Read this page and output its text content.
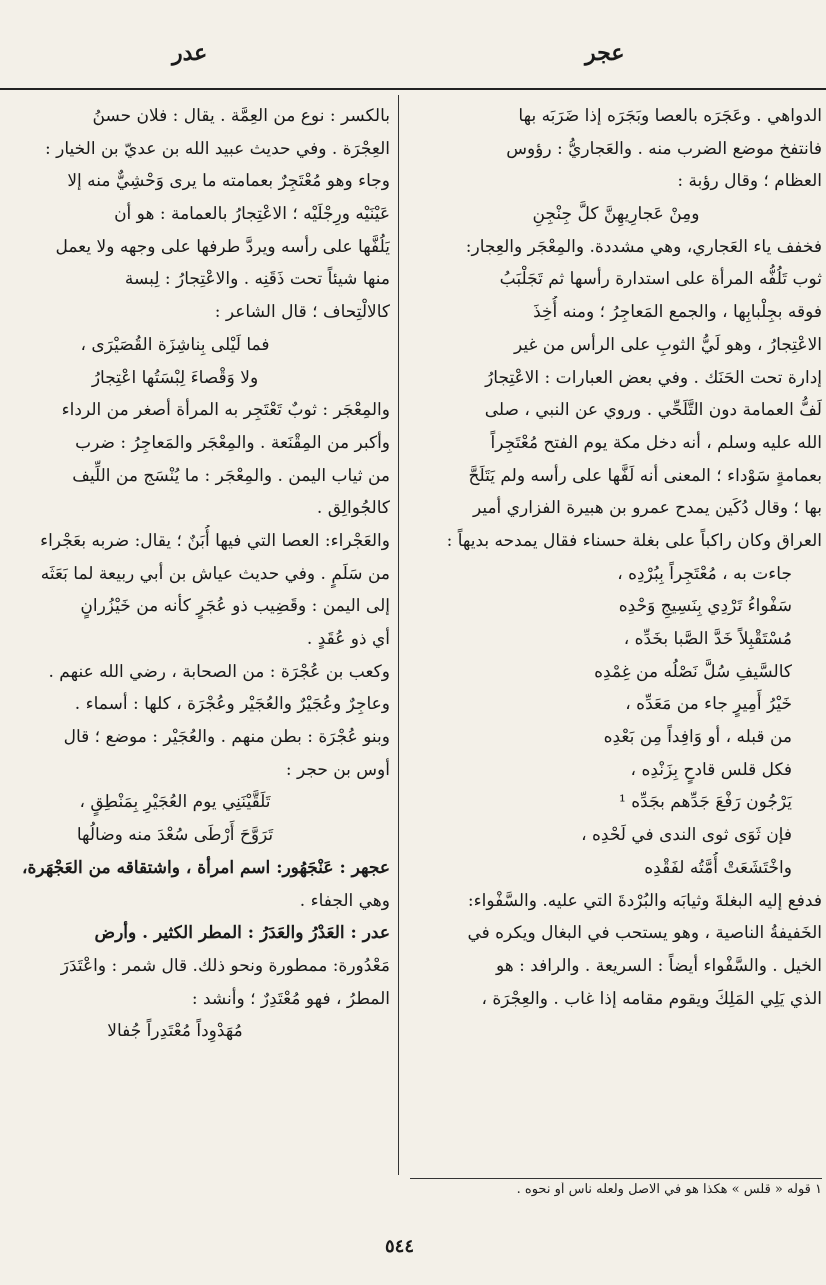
عجر
عدر
الدواهي . وعَجَرَه بالعصا وبَجَرَه إذا ضَرَبَه بها
فانتفخ موضع الضرب منه . والعَجاريُّ : رؤوس
العظام ؛ وقال رؤبة :
ومِنْ عَجارِيهِنَّ كلَّ جِنْجِنِ
فخفف ياء العَجاري، وهي مشددة. والمِعْجَر والعِجار:
ثوب تَلُفُّه المرأة على استدارة رأسها ثم تَجَلْبَبُ
فوقه بجِلْبابِها ، والجمع المَعاجِرُ ؛ ومنه أُخِذَ
الاعْتِجارُ ، وهو لَيُّ الثوبِ على الرأس من غير
إدارة تحت الحَنَك . وفي بعض العبارات : الاعْتِجارُ
لَفُّ العمامة دون التَّلَحِّي . وروي عن النبي ، صلى
الله عليه وسلم ، أنه دخل مكة يوم الفتح مُعْتَجِراً
بعمامةٍ سَوْداء ؛ المعنى أنه لَفَّها على رأسه ولم يَتَلَحَّ
بها ؛ وقال دُكَين يمدح عمرو بن هبيرة الفزاري أمير
العراق وكان راكباً على بغلة حسناء فقال يمدحه بديهاً :
جاءت به ، مُعْتَجِراً بِبُرْدِه ،
سَفْواءُ تَرْدِي بِنَسِيجِ وَحْدِه
مُسْتَقْبِلاً خَدَّ الصَّبا بخَدِّه ،
كالسَّيفِ سُلَّ نَصْلُه من غِمْدِه
خَيْرُ أَمِيرٍ جاء من مَعَدِّه ،
من قبله ، أو وَافِداً مِن بَعْدِه
فكل قلس قادحٍ بِزَنْدِه ،
يَرْجُون رَفْعَ جَدِّهم بجَدِّه ¹
فإن ثَوَى ثوى الندى في لَحْدِه ،
واخْتَشَعَتْ أُمَّتُه لفَقْدِه
فدفع إليه البغلةَ وثيابَه والبُرْدةَ التي عليه. والسَّفْواء:
الخَفيفةُ الناصية ، وهو يستحب في البغال ويكره في
الخيل . والسَّفْواء أيضاً : السريعة . والرافد : هو
الذي يَلِي المَلِكَ ويقوم مقامه إذا غاب . والعِجْرَة ،
بالكسر : نوع من العِمَّة . يقال : فلان حسنُ
العِجْرَة . وفي حديث عبيد الله بن عديّ بن الخيار :
وجاء وهو مُعْتَجِرٌ بعمامته ما يرى وَحْشِيٌّ منه إلا
عَيْنَيْه ورِجْلَيْه ؛ الاعْتِجارُ بالعمامة : هو أن
يَلُفَّها على رأسه ويردَّ طرفها على وجهه ولا يعمل
منها شيئاً تحت ذَقَنِه . والاعْتِجارُ : لِبسة
كالالْتِحاف ؛ قال الشاعر :
فما لَيْلى بِناشِزَة القُصَيْرَى ،
ولا وَقْصاءَ لِبْسَتُها اعْتِجارُ
والمِعْجَر : ثوبٌ تَعْتَجِر به المرأة أصغر من الرداء
وأكبر من المِقْنَعة . والمِعْجَر والمَعاجِرُ : ضرب
من ثياب اليمن . والمِعْجَر : ما يُنْسَج من اللِّيف
كالجُوالِق .
والعَجْراء: العصا التي فيها أُبَنٌ ؛ يقال: ضربه بعَجْراء
من سَلَمٍ . وفي حديث عياش بن أبي ربيعة لما بَعَثَه
إلى اليمن : وقَضِيب ذو عُجَرٍ كأنه من خَيْزُرانٍ
أي ذو عُقَدٍ .
وكعب بن عُجْرَة : من الصحابة ، رضي الله عنهم .
وعاجِرٌ وعُجَيْرٌ والعُجَيْر وعُجْرَة ، كلها : أسماء .
وبنو عُجْرَة : بطن منهم . والعُجَيْر : موضع ؛ قال
أوس بن حجر :
تَلَقَّيْنَنِي يوم العُجَيْرِ بِمَنْطِقٍ ،
تَرَوَّحَ أَرْطَى سُعْدَ منه وضالُها
عجهر : عَنْجَهُور: اسم امرأة ، واشتقاقه من العَجْهَرة،
وهي الجفاء .
عدر : العَدْرُ والعَدَرُ : المطر الكثير . وأرض
مَعْدُورة: ممطورة ونحو ذلك. قال شمر : واعْتَدَرَ
المطرُ ، فهو مُعْتَدِرٌ ؛ وأنشد :
مُهَدْوِداً مُعْتَدِراً جُفالا
١ قوله « قلس » هكذا هو في الاصل ولعله ناس أو نحوه .
٥٤٤
